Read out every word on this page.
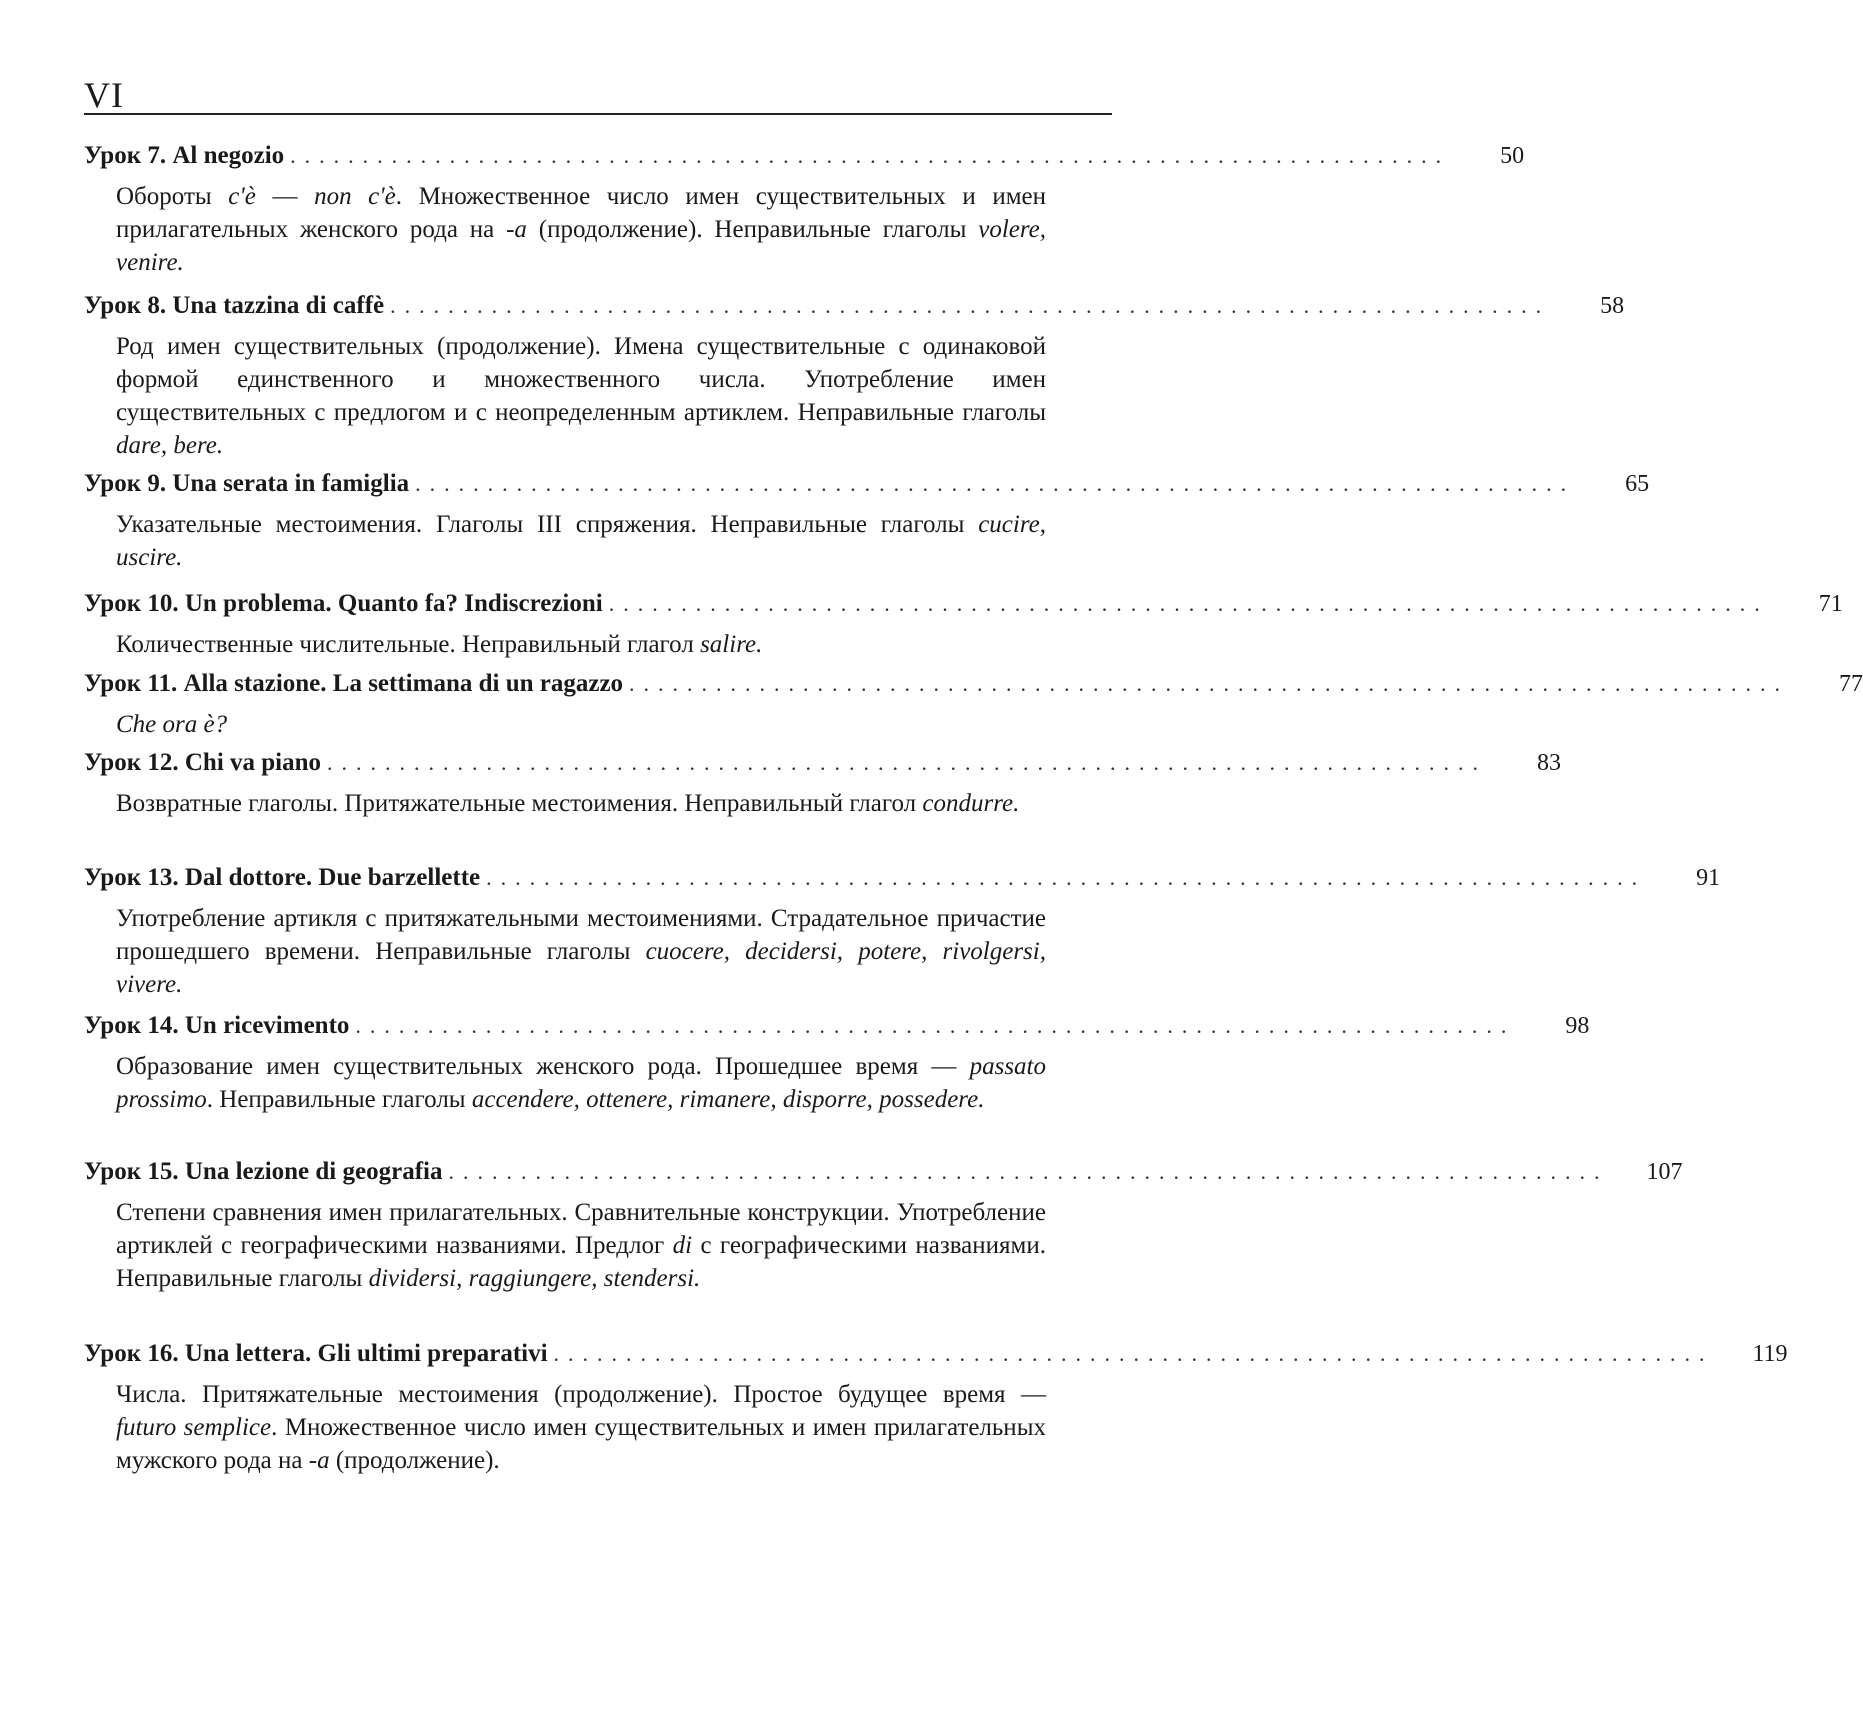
VI
Урок 7. Al negozio ................................................................................	50
Обороты c'è — non c'è. Множественное число имен существительных и имен прилагательных женского рода на -a (продолжение). Неправильные глаголы volere, venire.
Урок 8. Una tazzina di caffè ................................................................................	58
Род имен существительных (продолжение). Имена существительные с одинаковой формой единственного и множественного числа. Употребление имен существительных с предлогом и с неопределенным артиклем. Неправильные глаголы dare, bere.
Урок 9. Una serata in famiglia ................................................................................	65
Указательные местоимения. Глаголы III спряжения. Неправильные глаголы cucire, uscire.
Урок 10. Un problema. Quanto fa? Indiscrezioni ................................................................................	71
Количественные числительные. Неправильный глагол salire.
Урок 11. Alla stazione. La settimana di un ragazzo ................................................................................	77
Che ora è?
Урок 12. Chi va piano ................................................................................	83
Возвратные глаголы. Притяжательные местоимения. Неправильный глагол condurre.
Урок 13. Dal dottore. Due barzellette ................................................................................	91
Употребление артикля с притяжательными местоимениями. Страдательное причастие прошедшего времени. Неправильные глаголы cuocere, decidersi, potere, rivolgersi, vivere.
Урок 14. Un ricevimento ................................................................................	98
Образование имен существительных женского рода. Прошедшее время — passato prossimo. Неправильные глаголы accendere, ottenere, rimanere, disporre, possedere.
Урок 15. Una lezione di geografia ................................................................................	107
Степени сравнения имен прилагательных. Сравнительные конструкции. Употребление артиклей с географическими названиями. Предлог di с географическими названиями. Неправильные глаголы dividersi, raggiungere, stendersi.
Урок 16. Una lettera. Gli ultimi preparativi ................................................................................	119
Числа. Притяжательные местоимения (продолжение). Простое будущее время — futuro semplice. Множественное число имен существительных и имен прилагательных мужского рода на -a (продолжение).
